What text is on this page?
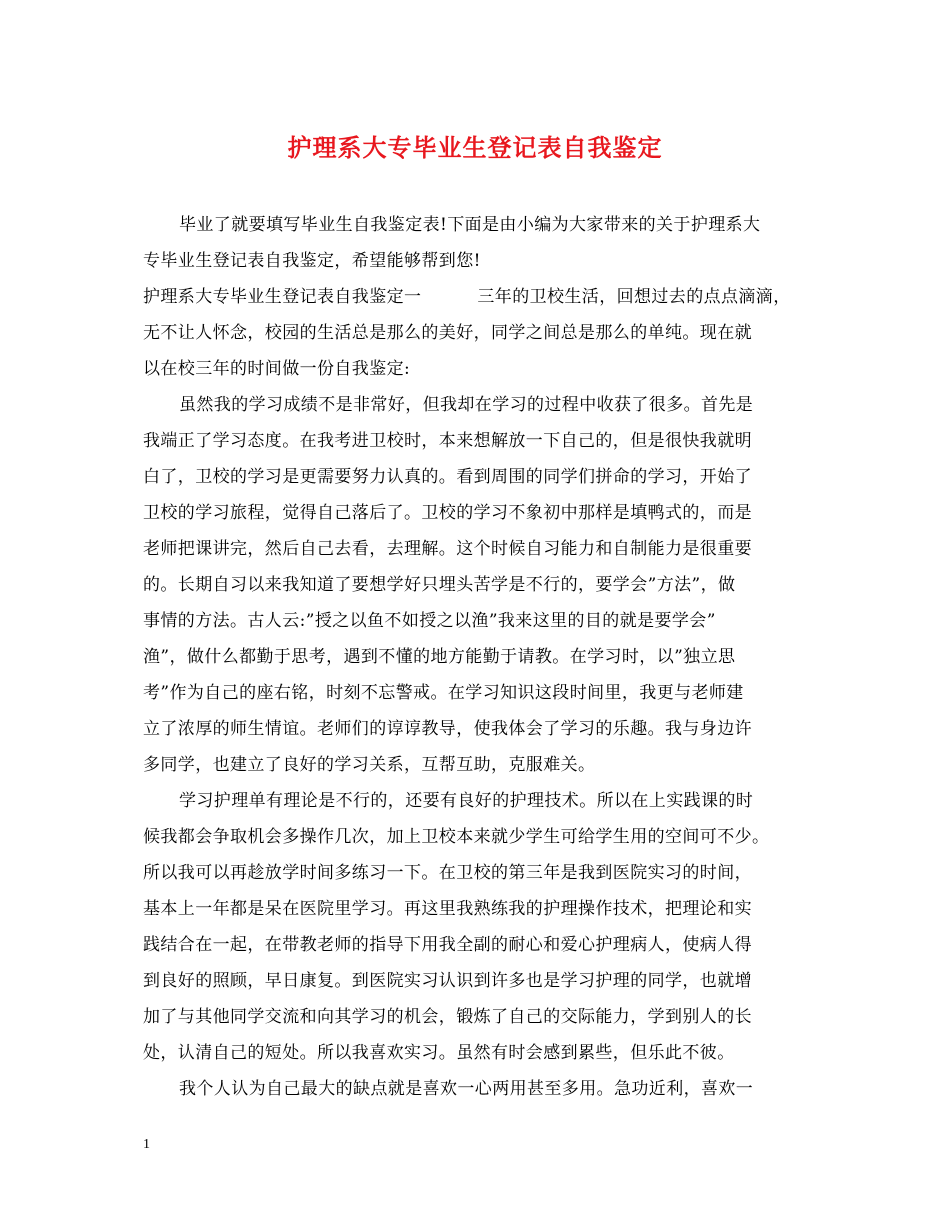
护理系大专毕业生登记表自我鉴定
毕业了就要填写毕业生自我鉴定表!下面是由小编为大家带来的关于护理系大
专毕业生登记表自我鉴定，希望能够帮到您!
护理系大专毕业生登记表自我鉴定一	三年的卫校生活，回想过去的点点滴滴，
无不让人怀念，校园的生活总是那么的美好，同学之间总是那么的单纯。现在就
以在校三年的时间做一份自我鉴定:
虽然我的学习成绩不是非常好，但我却在学习的过程中收获了很多。首先是
我端正了学习态度。在我考进卫校时，本来想解放一下自己的，但是很快我就明
白了，卫校的学习是更需要努力认真的。看到周围的同学们拼命的学习，开始了
卫校的学习旅程，觉得自己落后了。卫校的学习不象初中那样是填鸭式的，而是
老师把课讲完，然后自己去看，去理解。这个时候自习能力和自制能力是很重要
的。长期自习以来我知道了要想学好只埋头苦学是不行的，要学会”方法”，做
事情的方法。古人云:”授之以鱼不如授之以渔”我来这里的目的就是要学会”
渔”，做什么都勤于思考，遇到不懂的地方能勤于请教。在学习时，以”独立思
考”作为自己的座右铭，时刻不忘警戒。在学习知识这段时间里，我更与老师建
立了浓厚的师生情谊。老师们的谆谆教导，使我体会了学习的乐趣。我与身边许
多同学，也建立了良好的学习关系，互帮互助，克服难关。
学习护理单有理论是不行的，还要有良好的护理技术。所以在上实践课的时
候我都会争取机会多操作几次，加上卫校本来就少学生可给学生用的空间可不少。
所以我可以再趁放学时间多练习一下。在卫校的第三年是我到医院实习的时间，
基本上一年都是呆在医院里学习。再这里我熟练我的护理操作技术，把理论和实
践结合在一起，在带教老师的指导下用我全副的耐心和爱心护理病人，使病人得
到良好的照顾，早日康复。到医院实习认识到许多也是学习护理的同学，也就增
加了与其他同学交流和向其学习的机会，锻炼了自己的交际能力，学到别人的长
处，认清自己的短处。所以我喜欢实习。虽然有时会感到累些，但乐此不彼。
我个人认为自己最大的缺点就是喜欢一心两用甚至多用。急功近利，喜欢一
1
